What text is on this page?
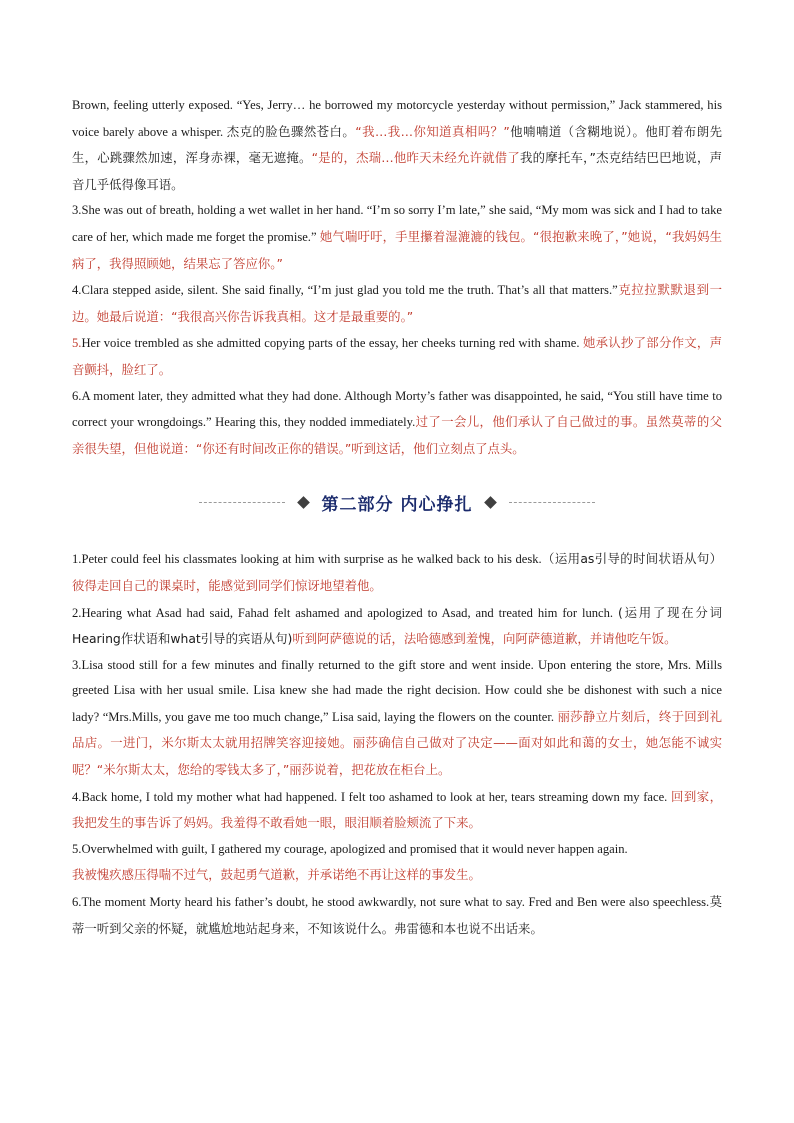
Brown, feeling utterly exposed. “Yes, Jerry… he borrowed my motorcycle yesterday without permission,” Jack stammered, his voice barely above a whisper. 杰克的脸色骤然苍白。“我…我…你知道真相吗？”他喃喃道（含糊地说）。他盯着布朗先生，心跳骤然加速，浑身赤裸，毫无遮掩。“是的，杰瑞…他昨天未经允许就借了我的摩托车，”杰克结结巴巴地说，声音几乎低得像耳语。

3.She was out of breath, holding a wet wallet in her hand. “I’m so sorry I’m late,” she said, “My mom was sick and I had to take care of her, which made me forget the promise.” 她气喘吁吁，手里攥着湿漉漉的钱包。“很抱歉来晚了，”她说，“我妈妈生病了，我得照顾她，结果忘了答应你。”

4.Clara stepped aside, silent. She said finally, “I’m just glad you told me the truth. That’s all that matters.”克拉拉默默退到一边。她最后说道：“我很高兴你告诉我真相。这才是最重要的。”

5.Her voice trembled as she admitted copying parts of the essay, her cheeks turning red with shame. 她承认抄了部分作文，声音颤抖，脸红了。

6.A moment later, they admitted what they had done. Although Morty’s father was disappointed, he said, “You still have time to correct your wrongdoings.” Hearing this, they nodded immediately.过了一会儿，他们承认了自己做过的事。虽然莫蒂的父亲很失望，但他说道：“你还有时间改正你的错误。”听到这话，他们立刻点了点头。

第二部分 内心挣扎

1.Peter could feel his classmates looking at him with surprise as he walked back to his desk.（运用as引导的时间状语从句）彼得走回自己的课桌时，能感觉到同学们惊讶地望着他。

2.Hearing what Asad had said, Fahad felt ashamed and apologized to Asad, and treated him for lunch. (运用了现在分词Hearing作状语和what引导的宾语从句)听到阿萨德说的话，法哈德感到羞愧，向阿萨德道歉，并请他吃午饭。

3.Lisa stood still for a few minutes and finally returned to the gift store and went inside. Upon entering the store, Mrs. Mills greeted Lisa with her usual smile. Lisa knew she had made the right decision. How could she be dishonest with such a nice lady? “Mrs.Mills, you gave me too much change,” Lisa said, laying the flowers on the counter. 丽莎静立片刻后，终于回到礼品店。一进门，米尔斯太太就用招牌笑容迎接她。丽莎确信自己做对了决定——面对如此和蔼的女士，她怎能不诚实呢？“米尔斯太太，您给的零钱太多了，”丽莎说着，把花放在柜台上。

4.Back home, I told my mother what had happened. I felt too ashamed to look at her, tears streaming down my face. 回到家，我把发生的事告诉了妈妈。我羞得不敢看她一眼，眼泪顺着脸颊流了下来。

5.Overwhelmed with guilt, I gathered my courage, apologized and promised that it would never happen again.
我被愧疚感压得喘不过气，鼓起勇气道歉，并承诺绝不再让这样的事发生。

6.The moment Morty heard his father’s doubt, he stood awkwardly, not sure what to say. Fred and Ben were also speechless.莫蒂一听到父亲的怀疑，就尴尬地站起身来，不知该说什么。弗雷德和本也说不出话来。
